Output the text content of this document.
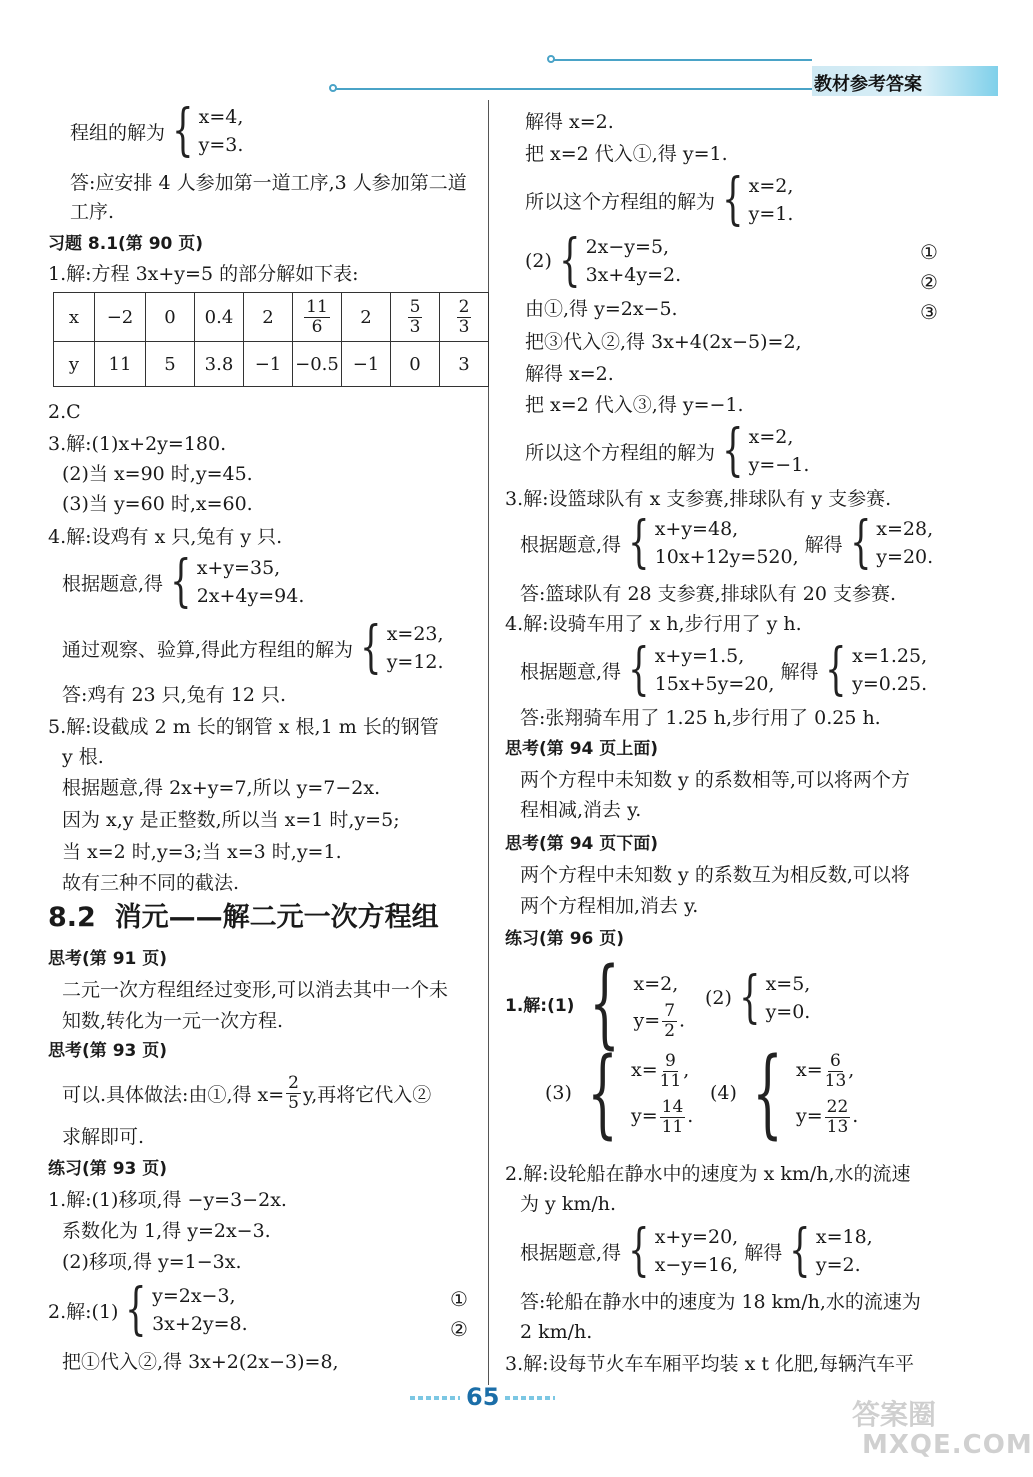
教材参考答案
程组的解为 { x=4,
y=3.
答:应安排 4 人参加第一道工序,3 人参加第二道
工序.
习题 8.1(第 90 页)
1.解:方程 3x+y=5 的部分解如下表:
x	−2	0	0.4	2	$\frac{11}{6}$	2	$\frac{5}{3}$	$\frac{2}{3}$

y	11	5	3.8	−1	−0.5	−1	0	3
2.C
3.解:(1)x+2y=180.
(2)当 x=90 时,y=45.
(3)当 y=60 时,x=60.
4.解:设鸡有 x 只,兔有 y 只.
根据题意,得 { x+y=35,
2x+4y=94.
通过观察、验算,得此方程组的解为 { x=23,
y=12.
答:鸡有 23 只,兔有 12 只.
5.解:设截成 2 m 长的钢管 x 根,1 m 长的钢管
y 根.
根据题意,得 2x+y=7,所以 y=7−2x.
因为 x,y 是正整数,所以当 x=1 时,y=5;
当 x=2 时,y=3;当 x=3 时,y=1.
故有三种不同的截法.
8.2 消元——解二元一次方程组
思考(第 91 页)
二元一次方程组经过变形,可以消去其中一个未
知数,转化为一元一次方程.
思考(第 93 页)
可以.具体做法:由①,得 $x= \frac{2}{5} y$,再将它代入②
求解即可.
练习(第 93 页)
1.解:(1)移项,得 −y=3−2x.
系数化为 1,得 y=2x−3.
(2)移项,得 y=1−3x.
2.解:(1) { y=2x−3,
3x+2y=8.
①
②
把①代入②,得 3x+2(2x−3)=8,
解得 x=2.
把 x=2 代入①,得 y=1.
所以这个方程组的解为 { x=2,
y=1.
(2) { 2x−y=5,
3x+4y=2.
①
②
③
由①,得 y=2x−5.
把③代入②,得 3x+4(2x−5)=2,
解得 x=2.
把 x=2 代入③,得 y=−1.
所以这个方程组的解为 { x=2,
y=−1.
3.解:设篮球队有 x 支参赛,排球队有 y 支参赛.
根据题意,得 { x+y=48,
10x+12y=520,
解得 { x=28,
y=20.
答:篮球队有 28 支参赛,排球队有 20 支参赛.
4.解:设骑车用了 x h,步行用了 y h.
根据题意,得 { x+y=1.5,
15x+5y=20,
解得 { x=1.25,
y=0.25.
答:张翔骑车用了 1.25 h,步行用了 0.25 h.
思考(第 94 页上面)
两个方程中未知数 y 的系数相等,可以将两个方
程相减,消去 y.
思考(第 94 页下面)
两个方程中未知数 y 的系数互为相反数,可以将
两个方程相加,消去 y.
练习(第 96 页)
1.解:(1) { x=2,
$y= \frac{7}{2}$ .
(2) { x=5,
y=0.
(3) { $x= \frac{9}{11}$ ,
$y= \frac{14}{11}$ .
(4) { $x= \frac{6}{13}$ ,
$y= \frac{22}{13}$ .
2.解:设轮船在静水中的速度为 x km/h,水的流速
为 y km/h.
根据题意,得 { x+y=20,
x−y=16,
解得 { x=18,
y=2.
答:轮船在静水中的速度为 18 km/h,水的流速为
2 km/h.
3.解:设每节火车车厢平均装 x t 化肥,每辆汽车平
65
答案圈
MXQE.COM
